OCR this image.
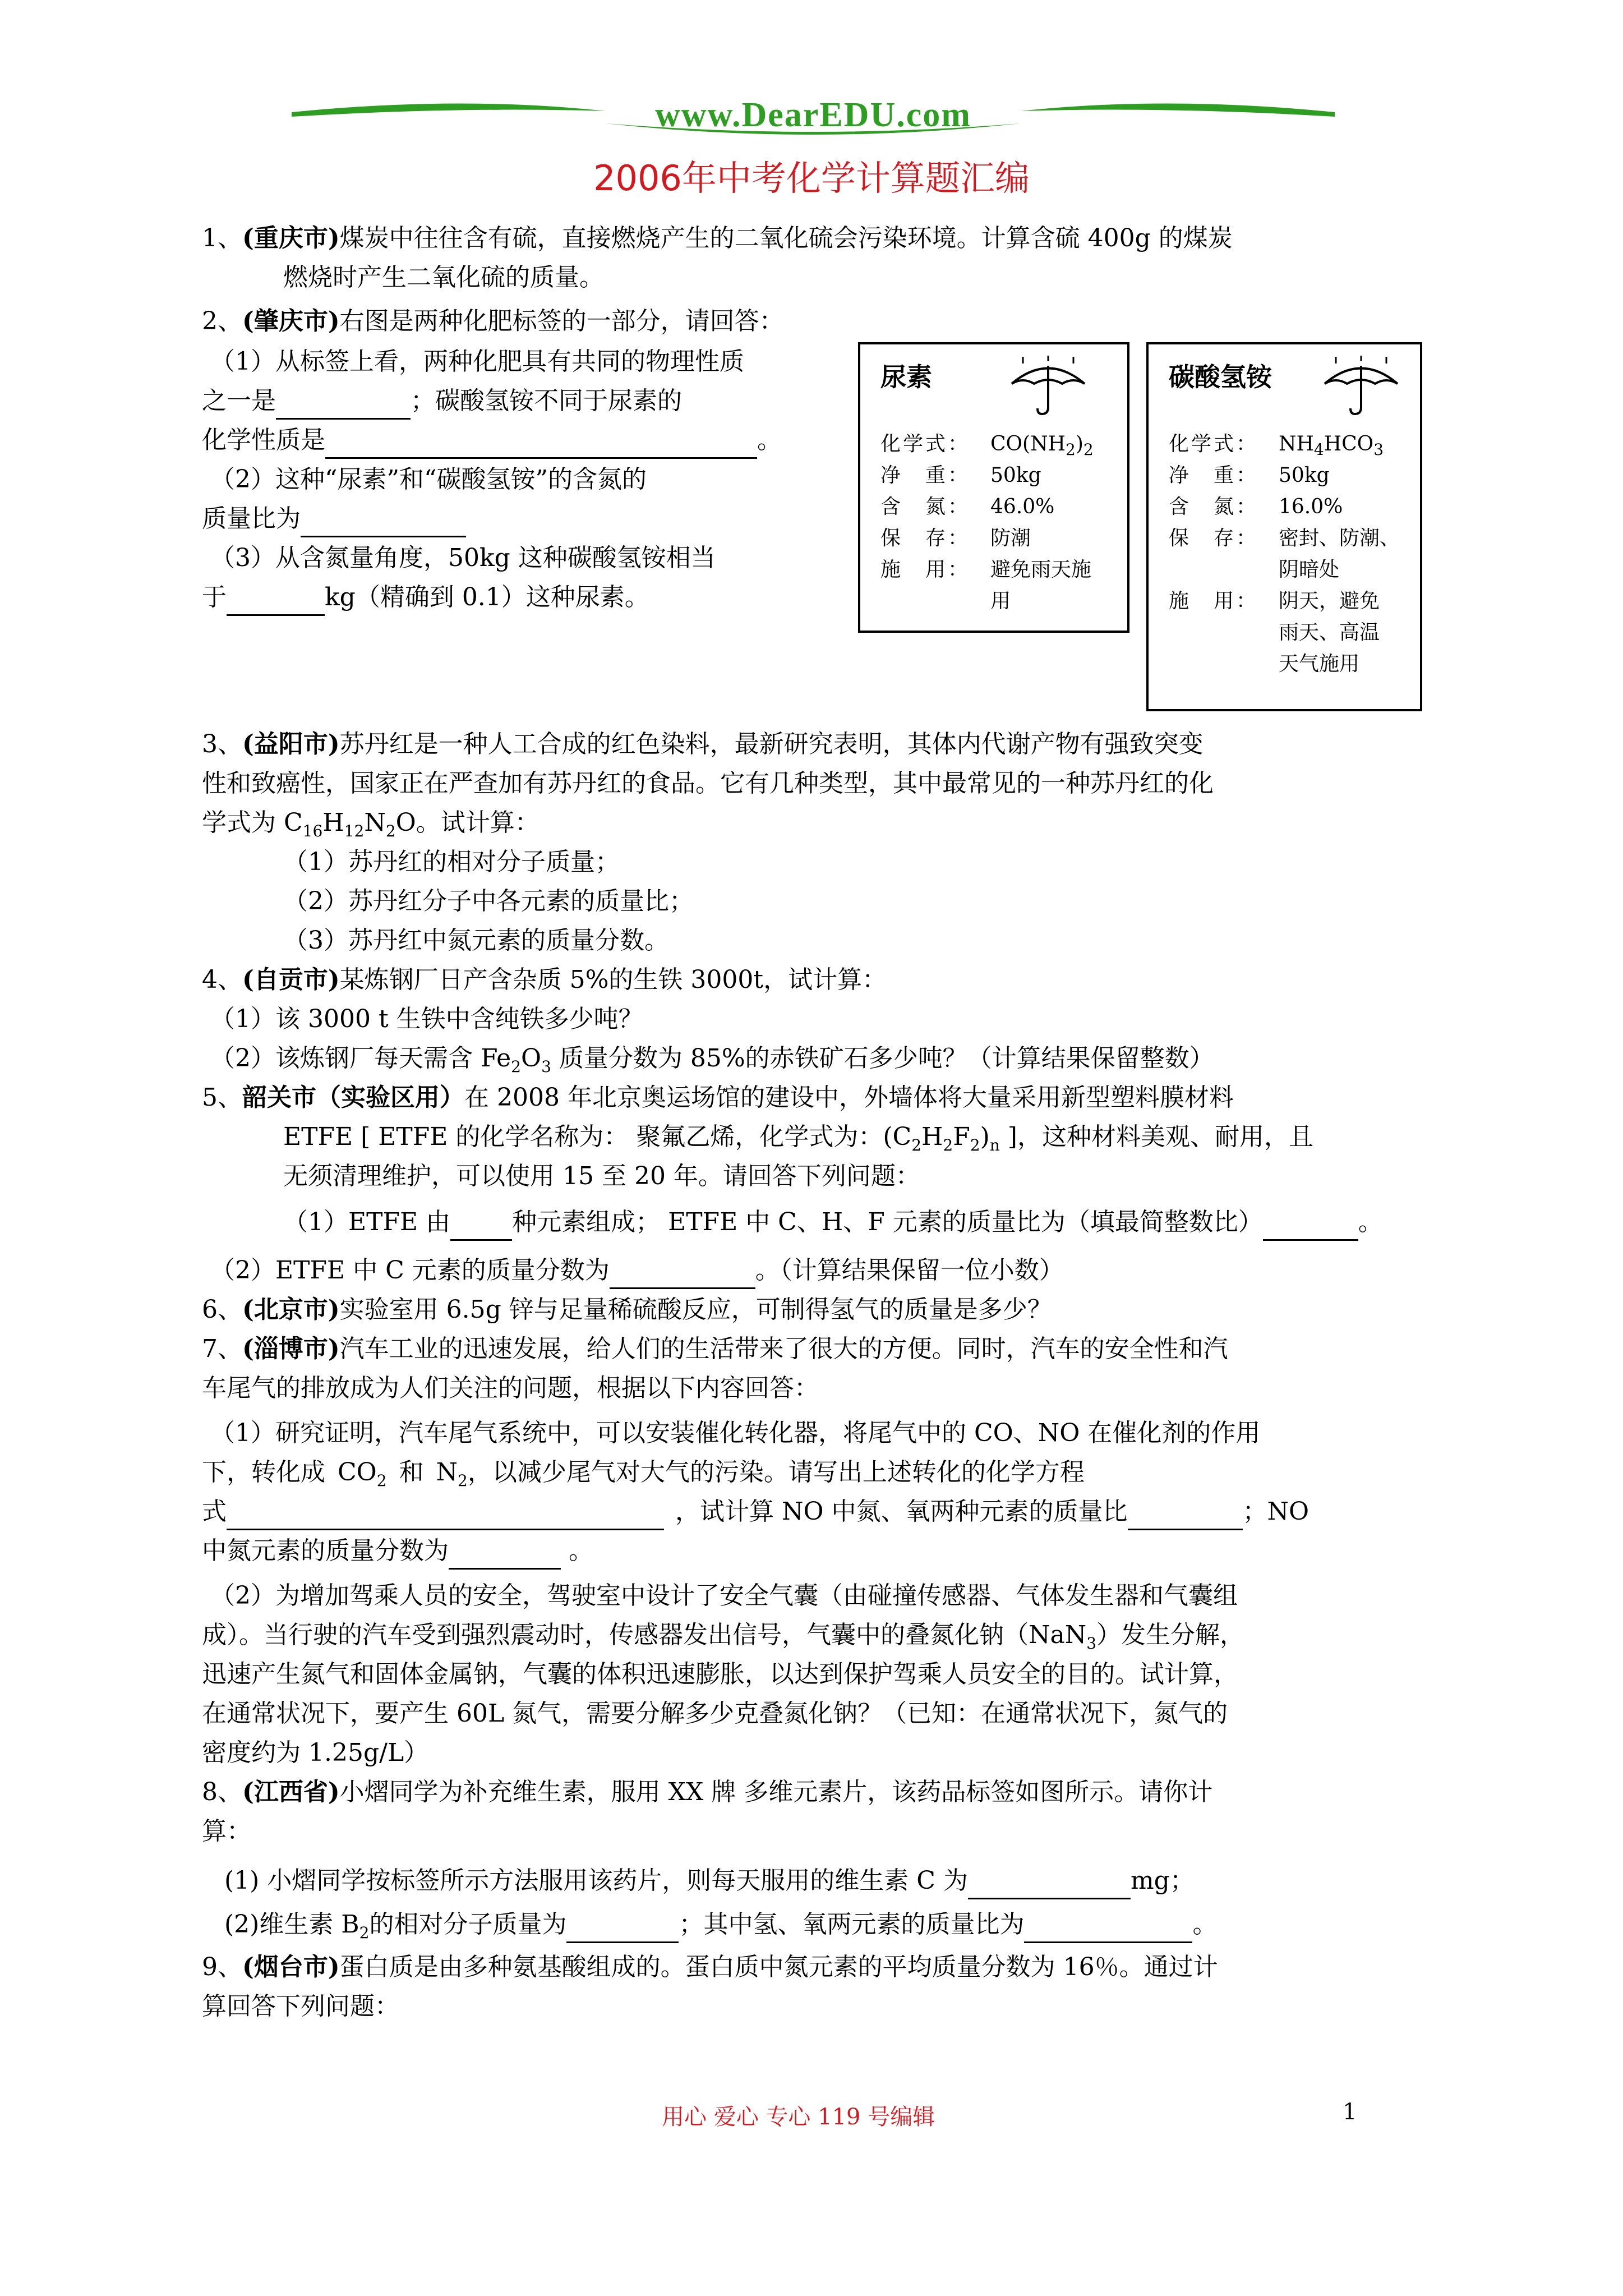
www.DearEDU.com
2006年中考化学计算题汇编
1、(重庆市)煤炭中往往含有硫，直接燃烧产生的二氧化硫会污染环境。计算含硫 400g 的煤炭
燃烧时产生二氧化硫的质量。
2、(肇庆市)右图是两种化肥标签的一部分，请回答：
（1）从标签上看，两种化肥具有共同的物理性质
之一是	；碳酸氢铵不同于尿素的
化学性质是	。
（2）这种“尿素”和“碳酸氢铵”的含氮的
质量比为
（3）从含氮量角度，50kg 这种碳酸氢铵相当
于	kg（精确到 0.1）这种尿素。
尿素
化学式： $CO(NH_2)_2$
净　重： 50kg
含　氮： 46.0%
保　存： 防潮
施　用： 避免雨天施
用
碳酸氢铵
化学式： $NH_4HCO_3$
净　重： 50kg
含　氮： 16.0%
保　存： 密封、防潮、
阴暗处
施　用： 阴天，避免
雨天、高温
天气施用
3、(益阳市)苏丹红是一种人工合成的红色染料，最新研究表明，其体内代谢产物有强致突变
性和致癌性，国家正在严查加有苏丹红的食品。它有几种类型，其中最常见的一种苏丹红的化
学式为 $C_{16}H_{12}N_2O$。试计算：
（1）苏丹红的相对分子质量；
（2）苏丹红分子中各元素的质量比；
（3）苏丹红中氮元素的质量分数。
4、(自贡市)某炼钢厂日产含杂质 5%的生铁 3000t，试计算：
（1）该 3000 t 生铁中含纯铁多少吨？
（2）该炼钢厂每天需含 $Fe_2O_3$ 质量分数为 85%的赤铁矿石多少吨？（计算结果保留整数）
5、韶关市（实验区用）在 2008 年北京奥运场馆的建设中，外墙体将大量采用新型塑料膜材料
ETFE [ ETFE 的化学名称为： 聚氟乙烯，化学式为：$(C_2H_2F_2)_n$ ]，这种材料美观、耐用，且
无须清理维护，可以使用 15 至 20 年。请回答下列问题：
（1）ETFE 由	种元素组成； ETFE 中 C、H、F 元素的质量比为（填最简整数比）	。
（2）ETFE 中 C 元素的质量分数为	。（计算结果保留一位小数）
6、(北京市)实验室用 6.5g 锌与足量稀硫酸反应，可制得氢气的质量是多少？
7、(淄博市)汽车工业的迅速发展，给人们的生活带来了很大的方便。同时，汽车的安全性和汽
车尾气的排放成为人们关注的问题，根据以下内容回答：
（1）研究证明，汽车尾气系统中，可以安装催化转化器，将尾气中的 CO、NO 在催化剂的作用
下，转化成 $CO_2$ 和 $N_2$，以减少尾气对大气的污染。请写出上述转化的化学方程
式	，试计算 NO 中氮、氧两种元素的质量比	；NO
中氮元素的质量分数为	。
（2）为增加驾乘人员的安全，驾驶室中设计了安全气囊（由碰撞传感器、气体发生器和气囊组
成）。当行驶的汽车受到强烈震动时，传感器发出信号，气囊中的叠氮化钠（NaN$_3$）发生分解，
迅速产生氮气和固体金属钠，气囊的体积迅速膨胀，以达到保护驾乘人员安全的目的。试计算，
在通常状况下，要产生 60L 氮气，需要分解多少克叠氮化钠？（已知：在通常状况下，氮气的
密度约为 1.25g/L）
8、(江西省)小熠同学为补充维生素，服用 XX 牌 多维元素片，该药品标签如图所示。请你计
算：
(1) 小熠同学按标签所示方法服用该药片，则每天服用的维生素 C 为	mg；
(2)维生素 $B_2$的相对分子质量为	；其中氢、氧两元素的质量比为	。
9、(烟台市)蛋白质是由多种氨基酸组成的。蛋白质中氮元素的平均质量分数为 16％。通过计
算回答下列问题：
用心 爱心 专心 119 号编辑	1
